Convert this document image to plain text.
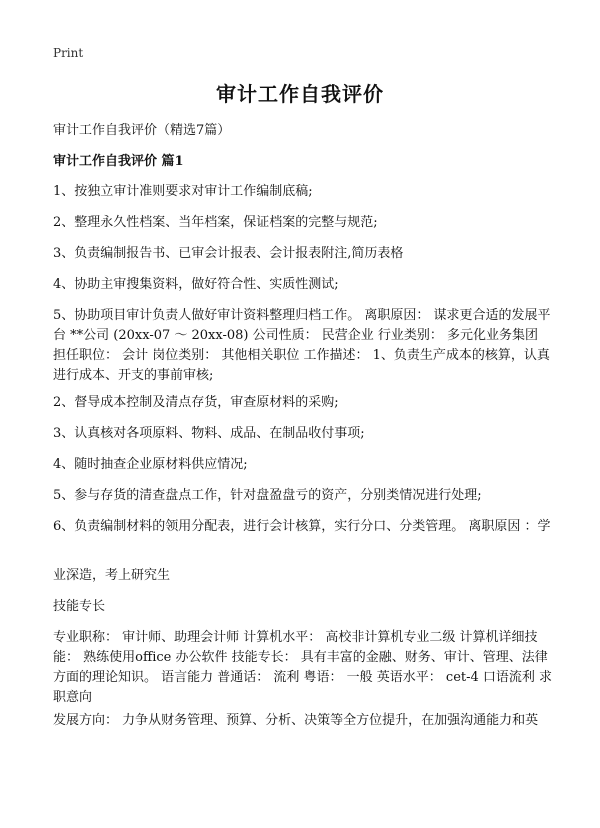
Print
审计工作自我评价
审计工作自我评价（精选7篇）
审计工作自我评价 篇1
1、按独立审计准则要求对审计工作编制底稿;
2、整理永久性档案、当年档案，保证档案的完整与规范;
3、负责编制报告书、已审会计报表、会计报表附注,简历表格
4、协助主审搜集资料，做好符合性、实质性测试;
5、协助项目审计负责人做好审计资料整理归档工作。 离职原因： 谋求更合适的发展平台 **公司 (20xx-07 ～ 20xx-08) 公司性质： 民营企业 行业类别： 多元化业务集团 担任职位： 会计 岗位类别： 其他相关职位 工作描述： 1、负责生产成本的核算，认真进行成本、开支的事前审核;
2、督导成本控制及清点存货，审查原材料的采购;
3、认真核对各项原料、物料、成品、在制品收付事项;
4、随时抽查企业原材料供应情况;
5、参与存货的清查盘点工作，针对盘盈盘亏的资产，分别类情况进行处理;
6、负责编制材料的领用分配表，进行会计核算，实行分口、分类管理。 离职原因 ：学
业深造，考上研究生
技能专长
专业职称： 审计师、助理会计师 计算机水平： 高校非计算机专业二级 计算机详细技能： 熟练使用office 办公软件 技能专长： 具有丰富的金融、财务、审计、管理、法律方面的理论知识。 语言能力 普通话： 流利 粤语： 一般 英语水平： cet-4 口语流利 求职意向
发展方向： 力争从财务管理、预算、分析、决策等全方位提升，在加强沟通能力和英
